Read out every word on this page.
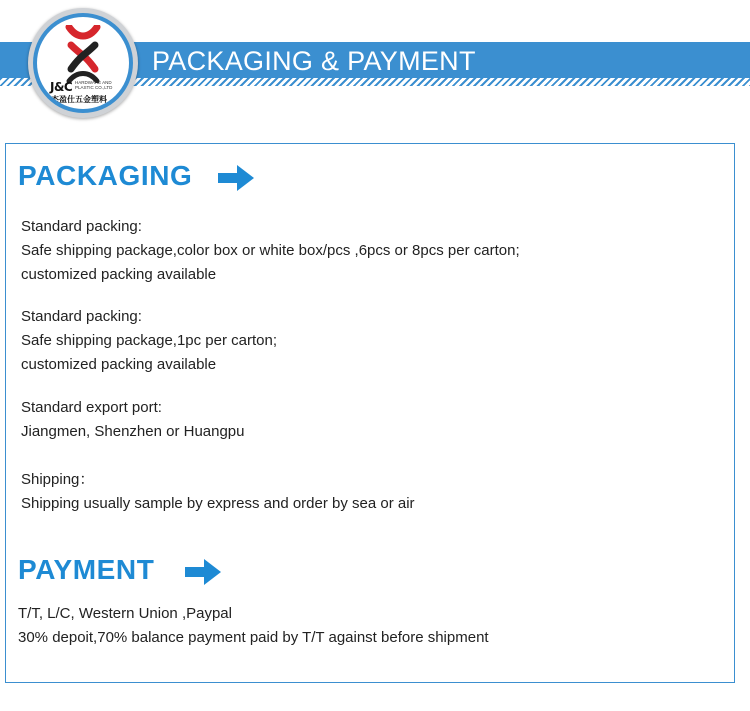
PACKAGING & PAYMENT
J&C HARDWARE AND PLASTIC CO.,LTD
杰盈仕五金塑料
PACKAGING
Standard packing:
Safe shipping package,color box or white box/pcs ,6pcs or 8pcs per carton;
customized packing available
Standard packing:
Safe shipping package,1pc per carton;
customized packing available
Standard export port:
Jiangmen, Shenzhen or Huangpu
Shipping：
Shipping usually sample by express and order by sea or air
PAYMENT
T/T, L/C, Western Union ,Paypal
30% depoit,70% balance payment paid by T/T against before shipment
